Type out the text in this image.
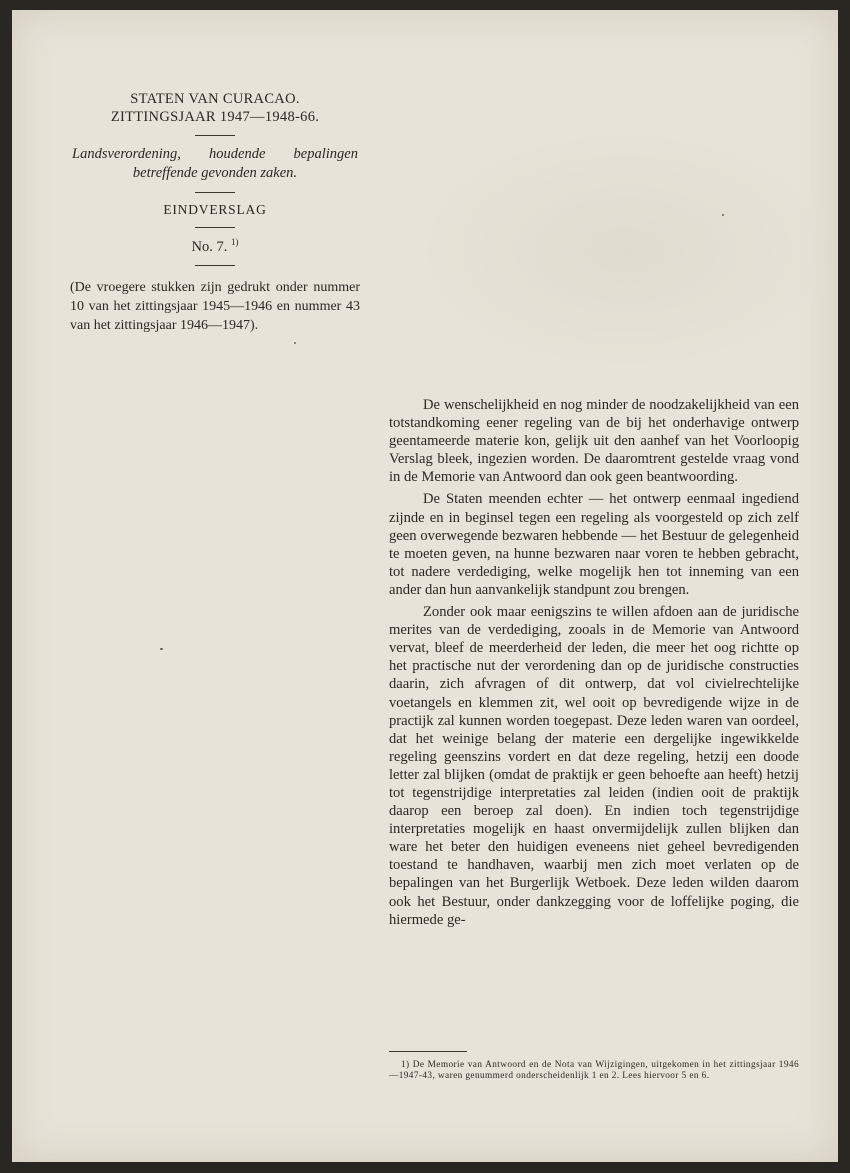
STATEN VAN CURACAO.
ZITTINGSJAAR 1947—1948-66.
Landsverordening, houdende bepalingen betreffende gevonden zaken.
EINDVERSLAG
No. 7. $^{1)}$
(De vroegere stukken zijn gedrukt onder nummer 10 van het zittingsjaar 1945—1946 en nummer 43 van het zittingsjaar 1946—1947).

De wenschelijkheid en nog minder de noodzakelijkheid van een totstandkoming eener regeling van de bij het onderhavige ontwerp geentameerde materie kon, gelijk uit den aanhef van het Voorloopig Verslag bleek, ingezien worden. De daaromtrent gestelde vraag vond in de Memorie van Antwoord dan ook geen beantwoording.

De Staten meenden echter — het ontwerp eenmaal ingediend zijnde en in beginsel tegen een regeling als voorgesteld op zich zelf geen overwegende bezwaren hebbende — het Bestuur de gelegenheid te moeten geven, na hunne bezwaren naar voren te hebben gebracht, tot nadere verdediging, welke mogelijk hen tot inneming van een ander dan hun aanvankelijk standpunt zou brengen.

Zonder ook maar eenigszins te willen afdoen aan de juridische merites van de verdediging, zooals in de Memorie van Antwoord vervat, bleef de meerderheid der leden, die meer het oog richtte op het practische nut der verordening dan op de juridische constructies daarin, zich afvragen of dit ontwerp, dat vol civielrechtelijke voetangels en klemmen zit, wel ooit op bevredigende wijze in de practijk zal kunnen worden toegepast. Deze leden waren van oordeel, dat het weinige belang der materie een dergelijke ingewikkelde regeling geenszins vordert en dat deze regeling, hetzij een doode letter zal blijken (omdat de praktijk er geen behoefte aan heeft) hetzij tot tegenstrijdige interpretaties zal leiden (indien ooit de praktijk daarop een beroep zal doen). En indien toch tegenstrijdige interpretaties mogelijk en haast onvermijdelijk zullen blijken dan ware het beter den huidigen eveneens niet geheel bevredigenden toestand te handhaven, waarbij men zich moet verlaten op de bepalingen van het Burgerlijk Wetboek. Deze leden wilden daarom ook het Bestuur, onder dankzegging voor de loffelijke poging, die hiermede ge-

1) De Memorie van Antwoord en de Nota van Wijzigingen, uitgekomen in het zittingsjaar 1946—1947-43, waren genummerd onderscheidenlijk 1 en 2. Lees hiervoor 5 en 6.
